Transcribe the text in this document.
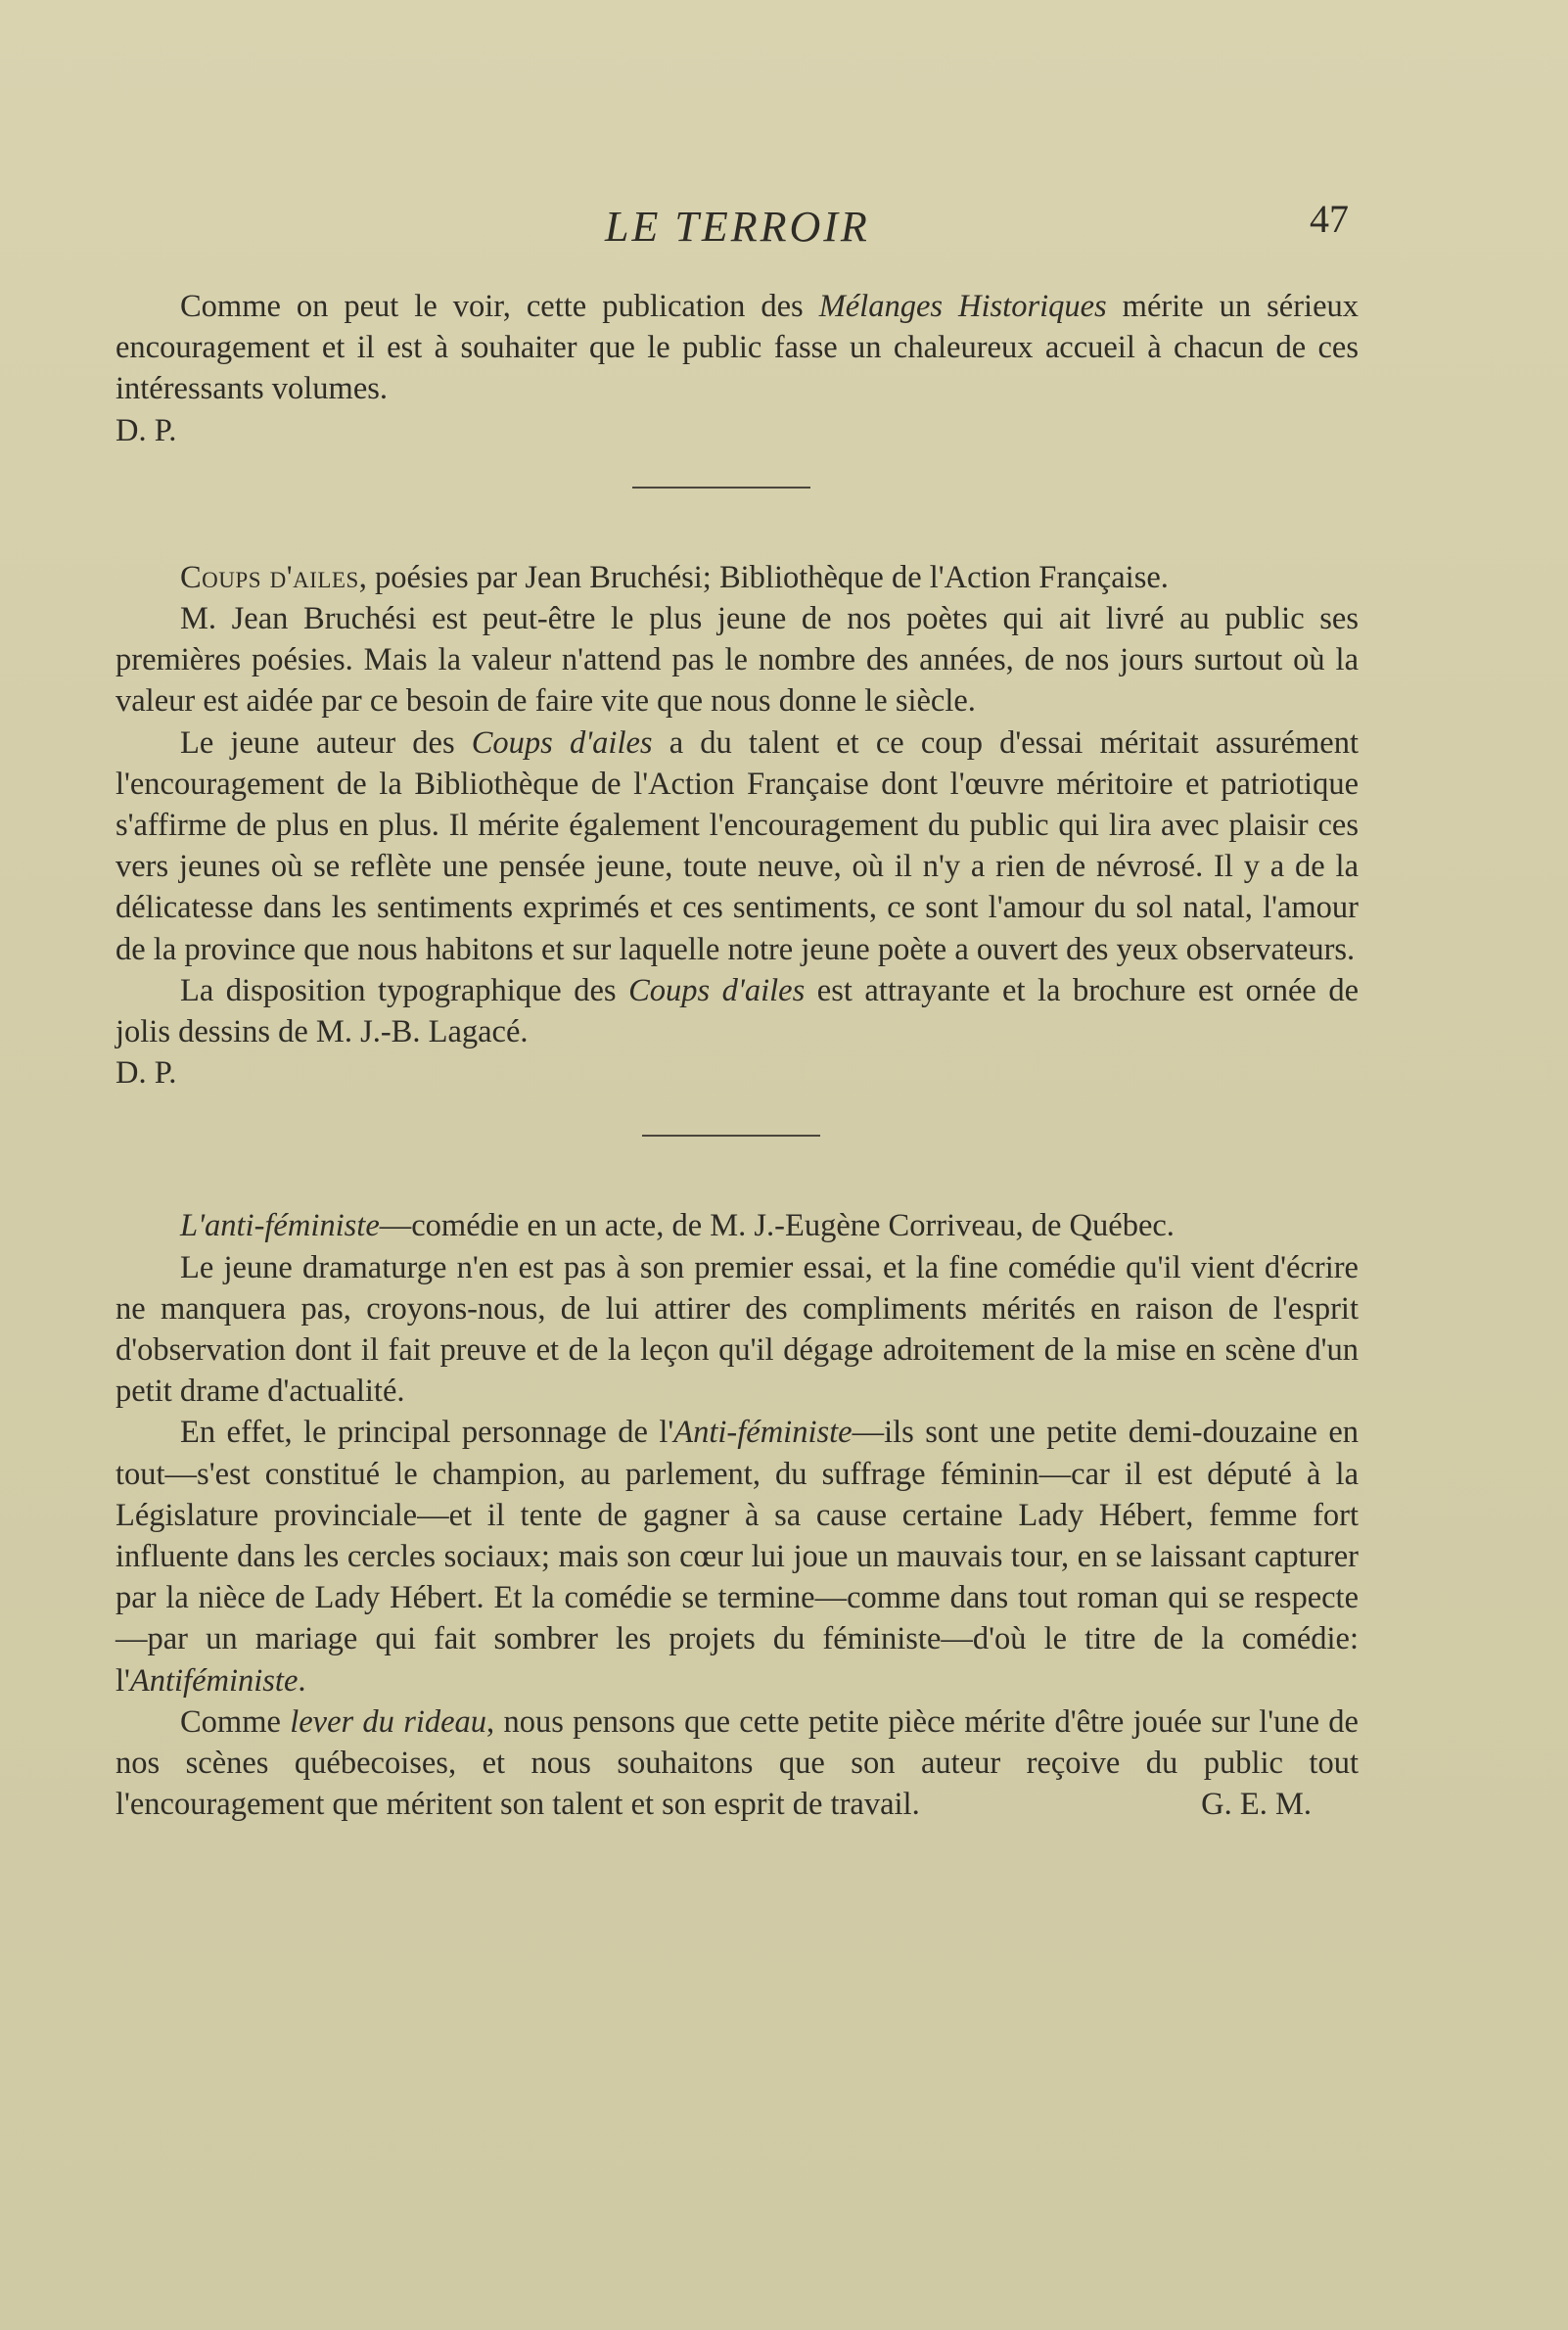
LE TERROIR	47

Comme on peut le voir, cette publication des Mélanges Historiques mérite un sérieux encouragement et il est à souhaiter que le public fasse un chaleureux accueil à chacun de ces intéressants volumes.

D. P.

Coups d'ailes, poésies par Jean Bruchési; Bibliothèque de l'Action Française.

M. Jean Bruchési est peut-être le plus jeune de nos poètes qui ait livré au public ses premières poésies. Mais la valeur n'attend pas le nombre des années, de nos jours surtout où la valeur est aidée par ce besoin de faire vite que nous donne le siècle.

Le jeune auteur des Coups d'ailes a du talent et ce coup d'essai méritait assurément l'encouragement de la Bibliothèque de l'Action Française dont l'œuvre méritoire et patriotique s'affirme de plus en plus. Il mérite également l'encouragement du public qui lira avec plaisir ces vers jeunes où se reflète une pensée jeune, toute neuve, où il n'y a rien de névrosé. Il y a de la délicatesse dans les sentiments exprimés et ces sentiments, ce sont l'amour du sol natal, l'amour de la province que nous habitons et sur laquelle notre jeune poète a ouvert des yeux observateurs.

La disposition typographique des Coups d'ailes est attrayante et la brochure est ornée de jolis dessins de M. J.-B. Lagacé.

D. P.

L'anti-féministe—comédie en un acte, de M. J.-Eugène Corriveau, de Québec.

Le jeune dramaturge n'en est pas à son premier essai, et la fine comédie qu'il vient d'écrire ne manquera pas, croyons-nous, de lui attirer des compliments mérités en raison de l'esprit d'observation dont il fait preuve et de la leçon qu'il dégage adroitement de la mise en scène d'un petit drame d'actualité.

En effet, le principal personnage de l'Anti-féministe—ils sont une petite demi-douzaine en tout—s'est constitué le champion, au parlement, du suffrage féminin—car il est député à la Législature provinciale—et il tente de gagner à sa cause certaine Lady Hébert, femme fort influente dans les cercles sociaux; mais son cœur lui joue un mauvais tour, en se laissant capturer par la nièce de Lady Hébert. Et la comédie se termine—comme dans tout roman qui se respecte—par un mariage qui fait sombrer les projets du féministe—d'où le titre de la comédie: l'Antiféministe.

Comme lever du rideau, nous pensons que cette petite pièce mérite d'être jouée sur l'une de nos scènes québecoises, et nous souhaitons que son auteur reçoive du public tout l'encouragement que méritent son talent et son esprit de travail.	G. E. M.
